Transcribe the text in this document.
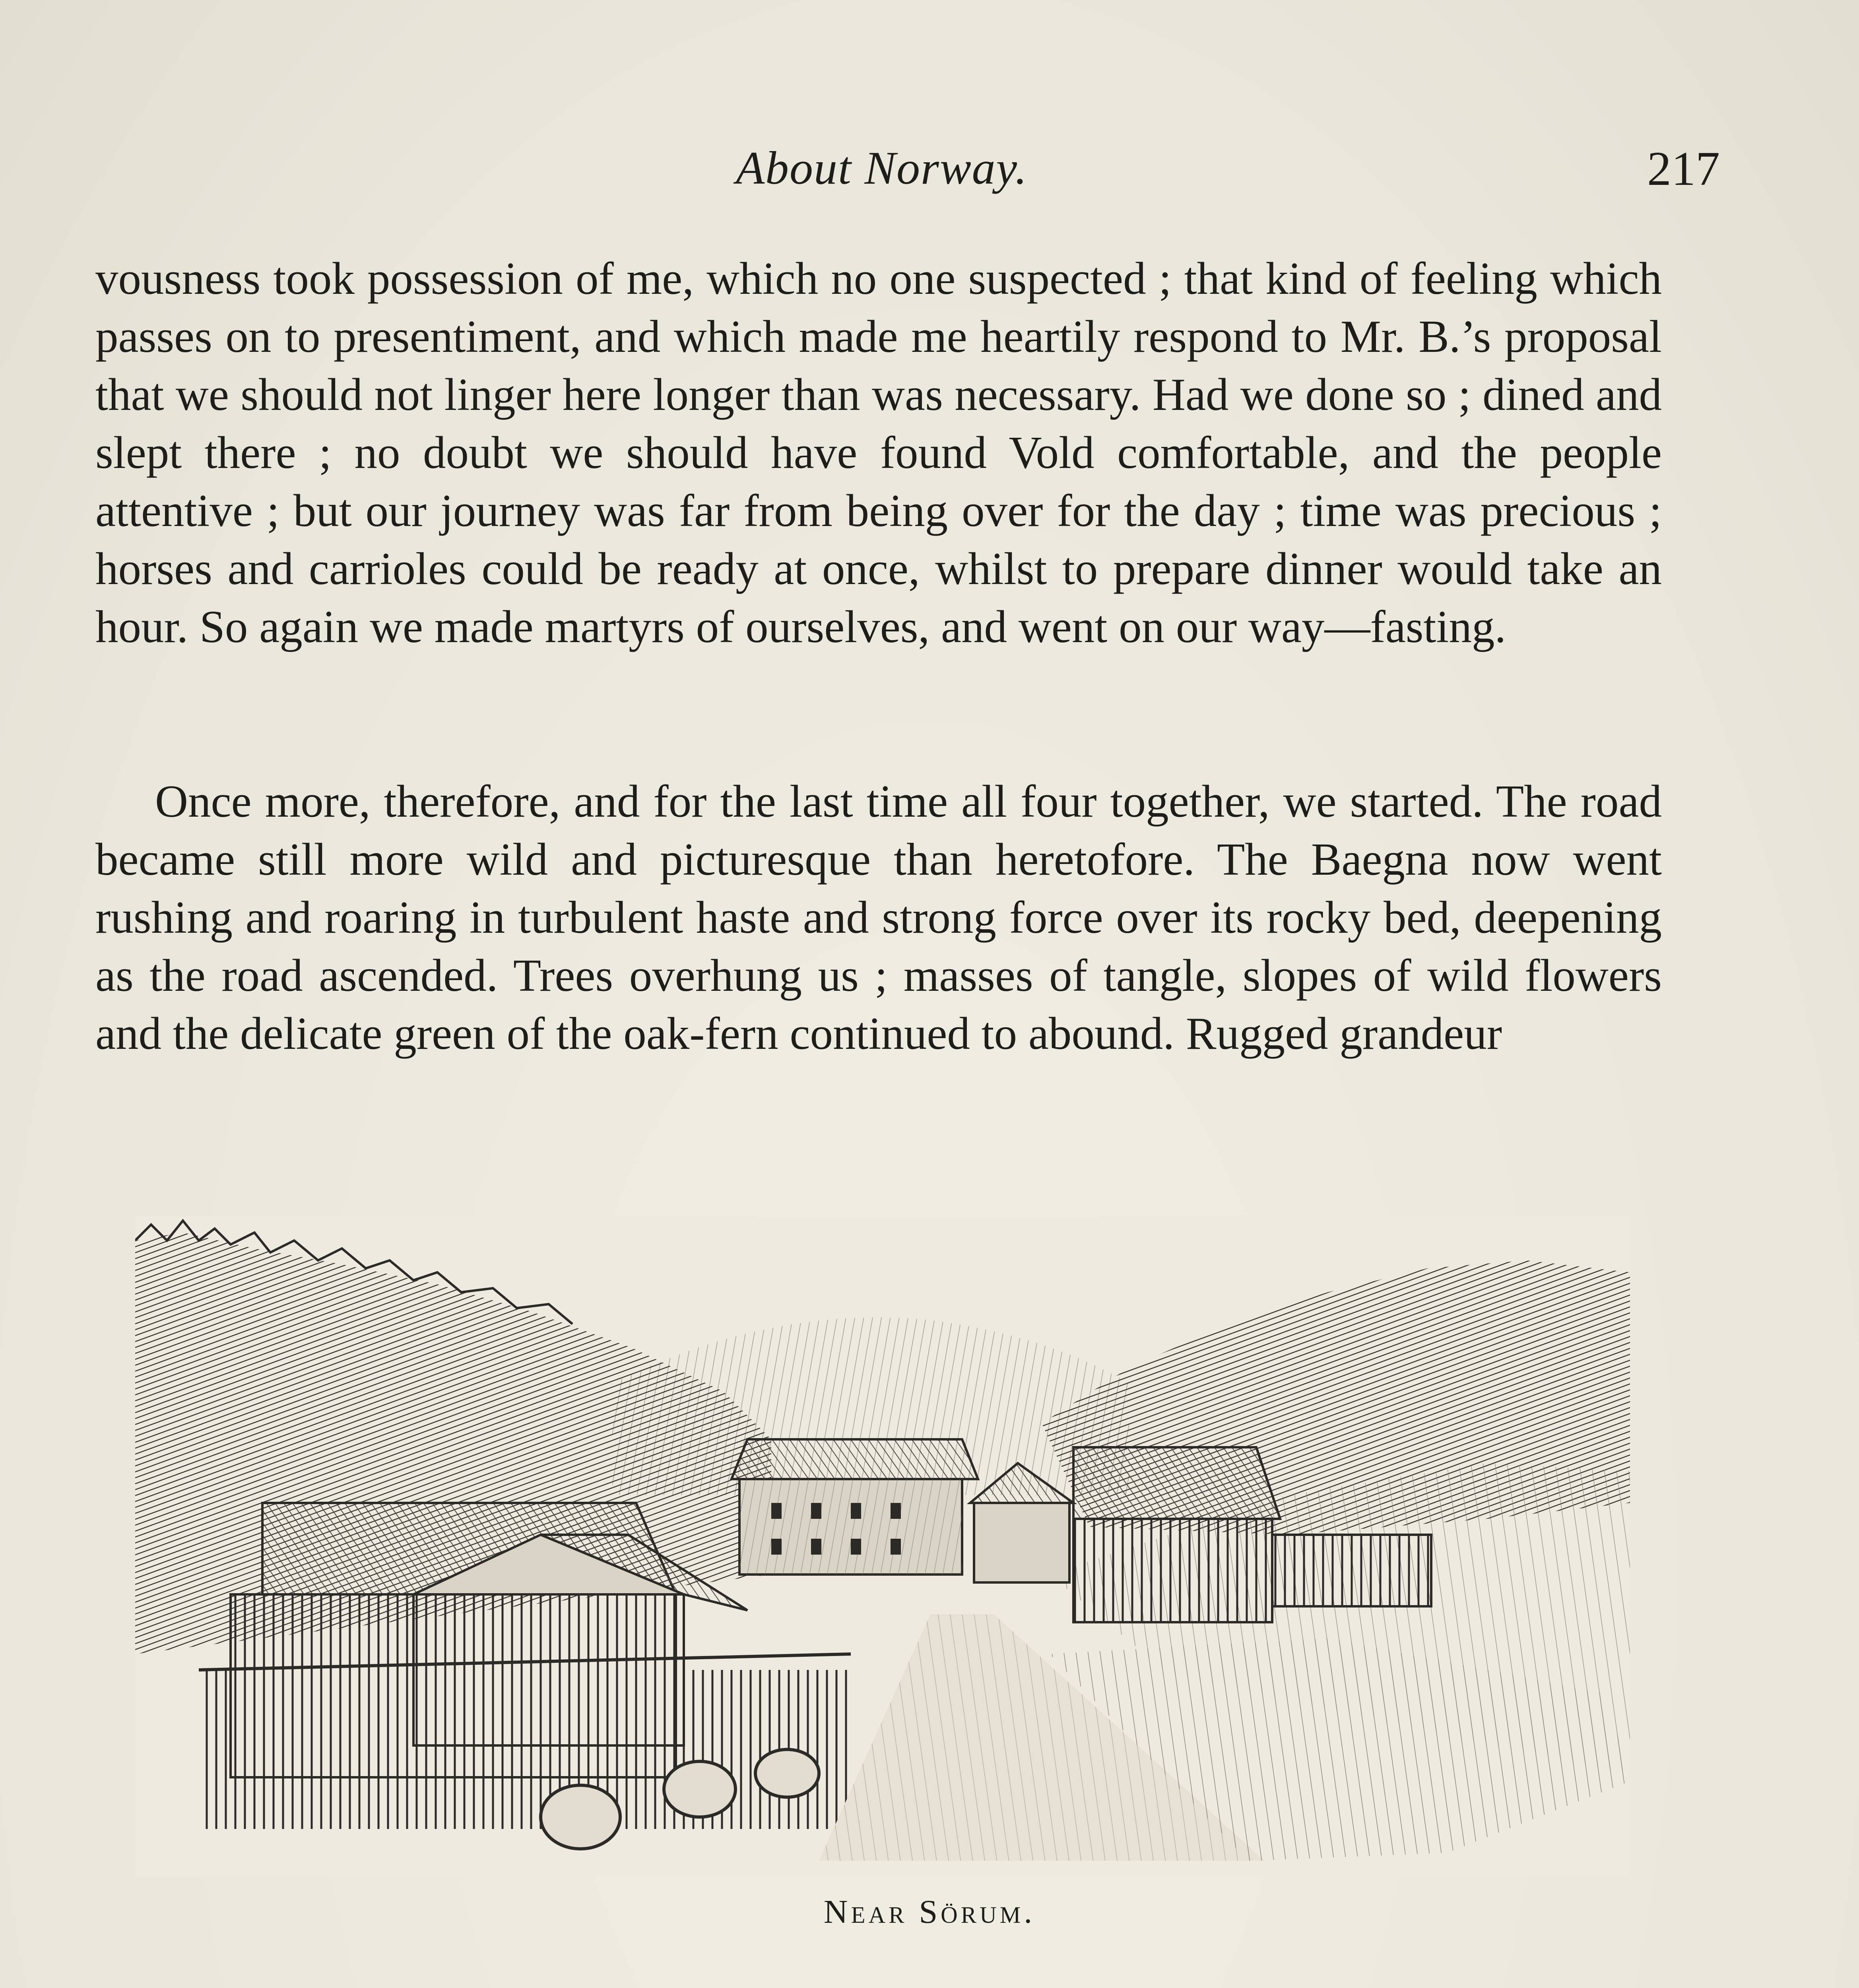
About Norway.	217

vousness took possession of me, which no one suspected ; that kind of feeling which passes on to presentiment, and which made me heartily respond to Mr. B.’s proposal that we should not linger here longer than was necessary. Had we done so ; dined and slept there ; no doubt we should have found Vold comfortable, and the people attentive ; but our journey was far from being over for the day ; time was precious ; horses and carrioles could be ready at once, whilst to prepare dinner would take an hour. So again we made martyrs of ourselves, and went on our way—fasting.

Once more, therefore, and for the last time all four together, we started. The road became still more wild and picturesque than heretofore. The Baegna now went rushing and roaring in turbulent haste and strong force over its rocky bed, deepening as the road ascended. Trees overhung us ; masses of tangle, slopes of wild flowers and the delicate green of the oak-fern continued to abound. Rugged grandeur

Near Sörum.
